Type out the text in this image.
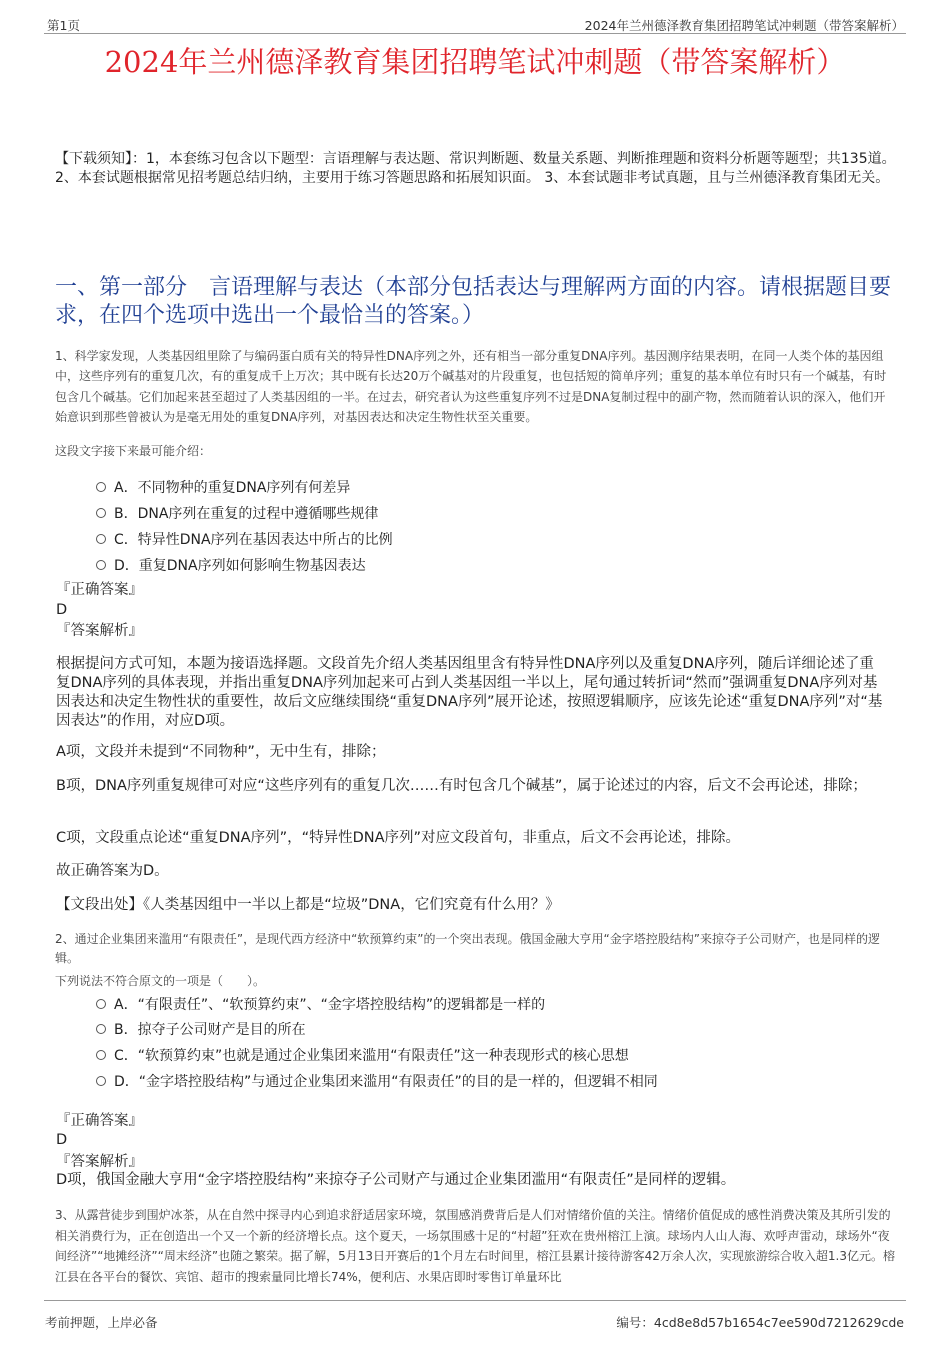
第1页	2024年兰州德泽教育集团招聘笔试冲刺题（带答案解析）
2024年兰州德泽教育集团招聘笔试冲刺题（带答案解析）
【下载须知】：1，本套练习包含以下题型：言语理解与表达题、常识判断题、数量关系题、判断推理题和资料分析题等题型；共135道。 2、本套试题根据常见招考题总结归纳，主要用于练习答题思路和拓展知识面。 3、本套试题非考试真题，且与兰州德泽教育集团无关。
一、第一部分　言语理解与表达（本部分包括表达与理解两方面的内容。请根据题目要求，在四个选项中选出一个最恰当的答案。）
1、科学家发现，人类基因组里除了与编码蛋白质有关的特异性DNA序列之外，还有相当一部分重复DNA序列。基因测序结果表明，在同一人类个体的基因组中，这些序列有的重复几次，有的重复成千上万次；其中既有长达20万个碱基对的片段重复，也包括短的简单序列；重复的基本单位有时只有一个碱基，有时包含几个碱基。它们加起来甚至超过了人类基因组的一半。在过去，研究者认为这些重复序列不过是DNA复制过程中的副产物，然而随着认识的深入，他们开始意识到那些曾被认为是毫无用处的重复DNA序列，对基因表达和决定生物性状至关重要。
这段文字接下来最可能介绍：
A．不同物种的重复DNA序列有何差异
B．DNA序列在重复的过程中遵循哪些规律
C．特异性DNA序列在基因表达中所占的比例
D．重复DNA序列如何影响生物基因表达
『正确答案』
D
『答案解析』
根据提问方式可知，本题为接语选择题。文段首先介绍人类基因组里含有特异性DNA序列以及重复DNA序列，随后详细论述了重复DNA序列的具体表现，并指出重复DNA序列加起来可占到人类基因组一半以上，尾句通过转折词“然而”强调重复DNA序列对基因表达和决定生物性状的重要性，故后文应继续围绕“重复DNA序列”展开论述，按照逻辑顺序，应该先论述“重复DNA序列”对“基因表达”的作用，对应D项。
A项，文段并未提到“不同物种”，无中生有，排除；
B项，DNA序列重复规律可对应“这些序列有的重复几次……有时包含几个碱基”，属于论述过的内容，后文不会再论述，排除；
C项，文段重点论述“重复DNA序列”，“特异性DNA序列”对应文段首句，非重点，后文不会再论述，排除。
故正确答案为D。
【文段出处】《人类基因组中一半以上都是“垃圾”DNA，它们究竟有什么用？》
2、通过企业集团来滥用“有限责任”，是现代西方经济中“软预算约束”的一个突出表现。俄国金融大亨用“金字塔控股结构”来掠夺子公司财产，也是同样的逻辑。
下列说法不符合原文的一项是（　　）。
A．“有限责任”、“软预算约束”、“金字塔控股结构”的逻辑都是一样的
B．掠夺子公司财产是目的所在
C．“软预算约束”也就是通过企业集团来滥用“有限责任”这一种表现形式的核心思想
D．“金字塔控股结构”与通过企业集团来滥用“有限责任”的目的是一样的，但逻辑不相同
『正确答案』
D
『答案解析』
D项，俄国金融大亨用“金字塔控股结构”来掠夺子公司财产与通过企业集团滥用“有限责任”是同样的逻辑。
3、从露营徒步到围炉冰茶，从在自然中探寻内心到追求舒适居家环境，氛围感消费背后是人们对情绪价值的关注。情绪价值促成的感性消费决策及其所引发的相关消费行为，正在创造出一个又一个新的经济增长点。这个夏天，一场氛围感十足的“村超”狂欢在贵州榕江上演。球场内人山人海、欢呼声雷动，球场外“夜间经济”“地摊经济”“周末经济”也随之繁荣。据了解，5月13日开赛后的1个月左右时间里，榕江县累计接待游客42万余人次，实现旅游综合收入超1.3亿元。榕江县在各平台的餐饮、宾馆、超市的搜索量同比增长74%，便利店、水果店即时零售订单量环比
考前押题，上岸必备	编号：4cd8e8d57b1654c7ee590d7212629cde
